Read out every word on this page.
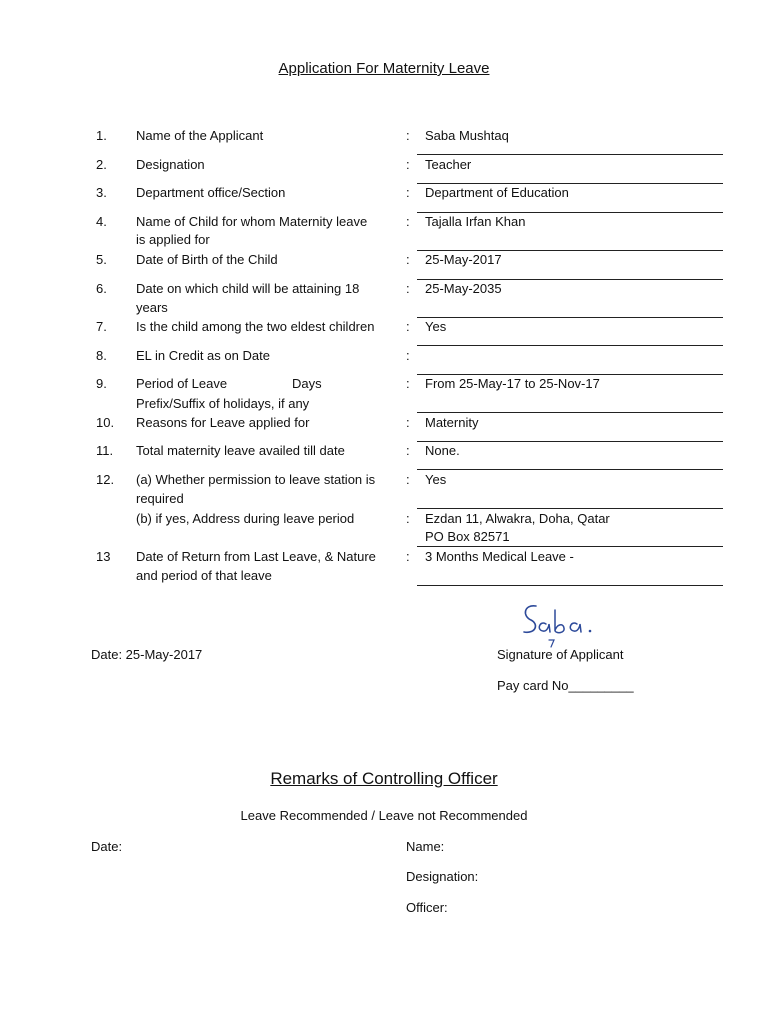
Application For Maternity Leave
1. Name of the Applicant	: Saba Mushtaq
2. Designation	: Teacher
3. Department office/Section	: Department of Education
4. Name of Child for whom Maternity leave
is applied for
: Tajalla Irfan Khan
5. Date of Birth of the Child	: 25-May-2017
6. Date on which child will be attaining 18
years
: 25-May-2035
7. Is the child among the two eldest children : Yes
8. EL in Credit as on Date	:
9. Period of Leave	Days
Prefix/Suffix of holidays, if any
: From 25-May-17 to 25-Nov-17
10. Reasons for Leave applied for	: Maternity
11. Total maternity leave availed till date	: None.
12. (a) Whether permission to leave station is
required
: Yes
(b) if yes, Address during leave period	: Ezdan 11, Alwakra, Doha, Qatar
PO Box 82571
13 Date of Return from Last Leave, & Nature
and period of that leave
: 3 Months Medical Leave -
Date: 25-May-2017	Signature of Applicant
Pay card No_________
Remarks of Controlling Officer
Leave Recommended / Leave not Recommended
Date:	Name:
Designation:
Officer:
